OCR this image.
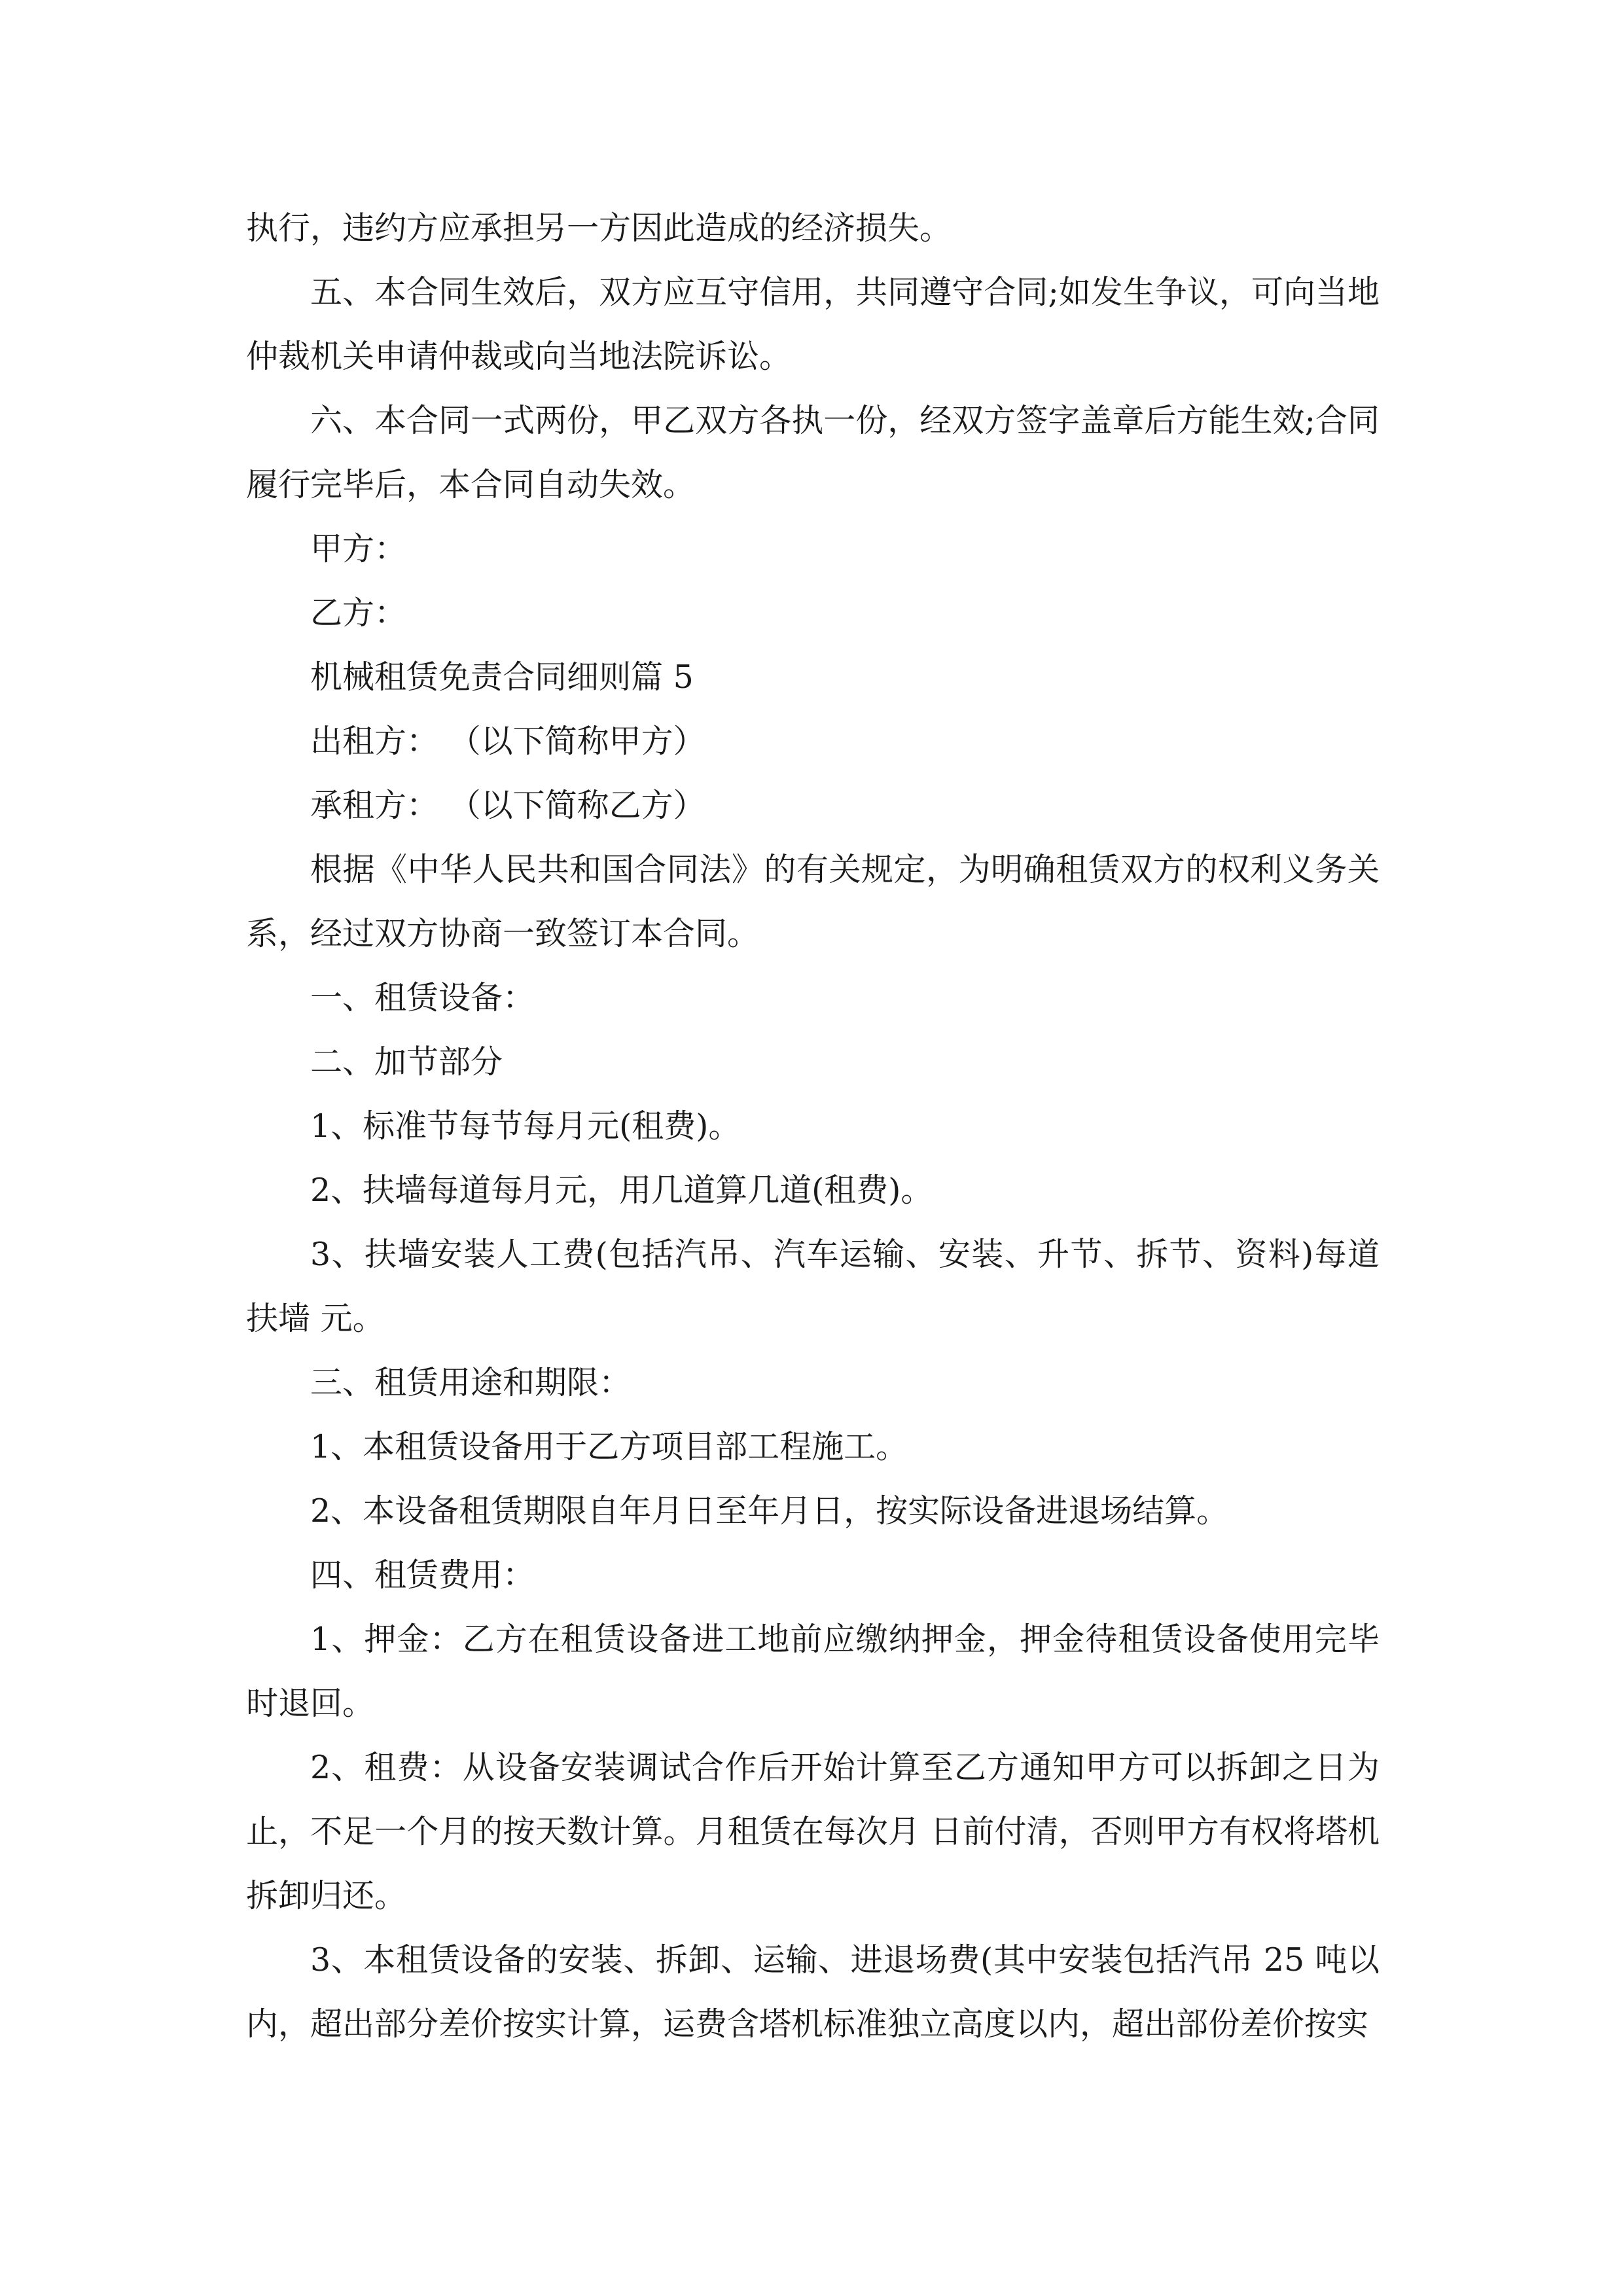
执行，违约方应承担另一方因此造成的经济损失。

五、本合同生效后，双方应互守信用，共同遵守合同;如发生争议，可向当地仲裁机关申请仲裁或向当地法院诉讼。

六、本合同一式两份，甲乙双方各执一份，经双方签字盖章后方能生效;合同履行完毕后，本合同自动失效。

甲方：

乙方：

机械租赁免责合同细则篇 5

出租方： （以下简称甲方）

承租方： （以下简称乙方）

根据《中华人民共和国合同法》的有关规定，为明确租赁双方的权利义务关系，经过双方协商一致签订本合同。

一、租赁设备：

二、加节部分

1、标准节每节每月元(租费)。

2、扶墙每道每月元，用几道算几道(租费)。

3、扶墙安装人工费(包括汽吊、汽车运输、安装、升节、拆节、资料)每道扶墙 元。

三、租赁用途和期限：

1、本租赁设备用于乙方项目部工程施工。

2、本设备租赁期限自年月日至年月日，按实际设备进退场结算。

四、租赁费用：

1、押金：乙方在租赁设备进工地前应缴纳押金，押金待租赁设备使用完毕时退回。

2、租费：从设备安装调试合作后开始计算至乙方通知甲方可以拆卸之日为止，不足一个月的按天数计算。月租赁在每次月 日前付清，否则甲方有权将塔机拆卸归还。

3、本租赁设备的安装、拆卸、运输、进退场费(其中安装包括汽吊 25 吨以内，超出部分差价按实计算，运费含塔机标准独立高度以内，超出部份差价按实
